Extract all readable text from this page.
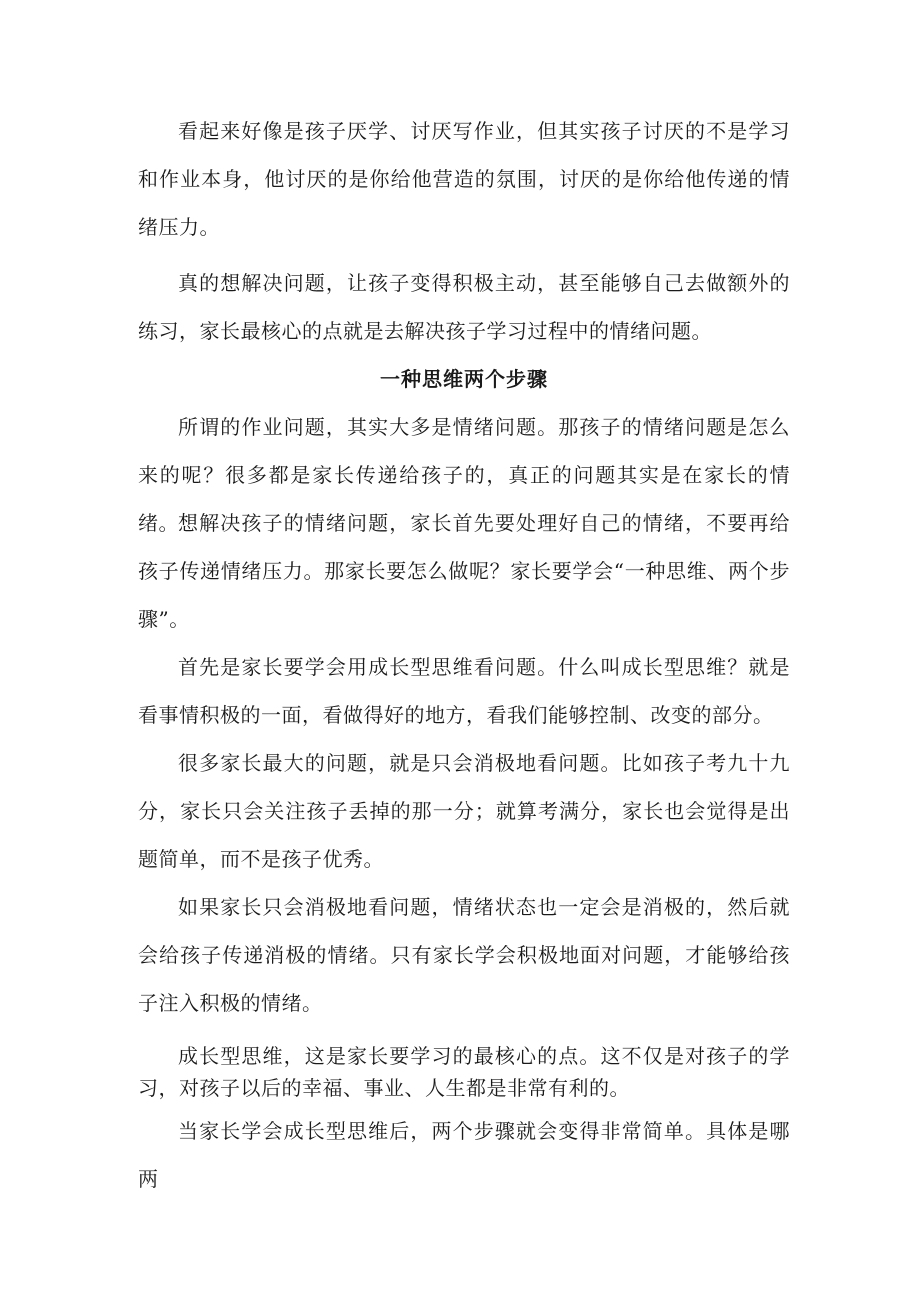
看起来好像是孩子厌学、讨厌写作业，但其实孩子讨厌的不是学习和作业本身，他讨厌的是你给他营造的氛围，讨厌的是你给他传递的情绪压力。

真的想解决问题，让孩子变得积极主动，甚至能够自己去做额外的练习，家长最核心的点就是去解决孩子学习过程中的情绪问题。

一种思维两个步骤

所谓的作业问题，其实大多是情绪问题。那孩子的情绪问题是怎么来的呢？很多都是家长传递给孩子的，真正的问题其实是在家长的情绪。 想解决孩子的情绪问题，家长首先要处理好自己的情绪，不要再给孩子传递情绪压力。那家长要怎么做呢？家长要学会“一种思维、两个步骤”。

首先是家长要学会用成长型思维看问题。什么叫成长型思维？就是看事情积极的一面，看做得好的地方，看我们能够控制、改变的部分。

很多家长最大的问题，就是只会消极地看问题。比如孩子考九十九分，家长只会关注孩子丢掉的那一分；就算考满分，家长也会觉得是出题简单，而不是孩子优秀。

如果家长只会消极地看问题，情绪状态也一定会是消极的，然后就会给孩子传递消极的情绪。只有家长学会积极地面对问题，才能够给孩子注入积极的情绪。

成长型思维，这是家长要学习的最核心的点。这不仅是对孩子的学习，对孩子以后的幸福、事业、人生都是非常有利的。

当家长学会成长型思维后，两个步骤就会变得非常简单。具体是哪两
